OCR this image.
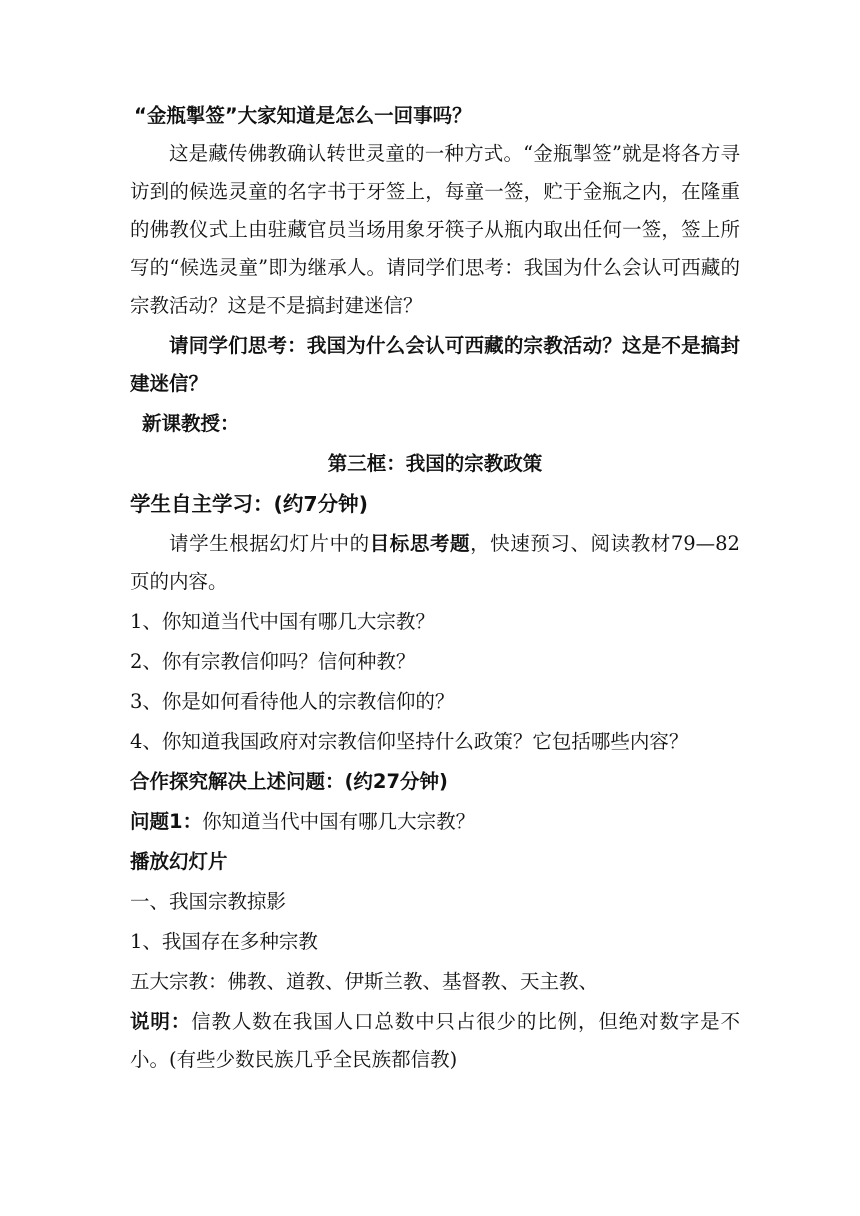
“金瓶掣签”大家知道是怎么一回事吗？
这是藏传佛教确认转世灵童的一种方式。“金瓶掣签”就是将各方寻访到的候选灵童的名字书于牙签上，每童一签，贮于金瓶之内，在隆重的佛教仪式上由驻藏官员当场用象牙筷子从瓶内取出任何一签，签上所写的“候选灵童”即为继承人。请同学们思考：我国为什么会认可西藏的宗教活动？这是不是搞封建迷信？
请同学们思考：我国为什么会认可西藏的宗教活动？这是不是搞封建迷信？
新课教授：
第三框：我国的宗教政策
学生自主学习：(约7分钟)
请学生根据幻灯片中的目标思考题，快速预习、阅读教材79—82页的内容。
1、你知道当代中国有哪几大宗教？
2、你有宗教信仰吗？信何种教？
3、你是如何看待他人的宗教信仰的？
4、你知道我国政府对宗教信仰坚持什么政策？它包括哪些内容？
合作探究解决上述问题：(约27分钟)
问题1：你知道当代中国有哪几大宗教？
播放幻灯片
一、我国宗教掠影
1、我国存在多种宗教
五大宗教：佛教、道教、伊斯兰教、基督教、天主教、
说明：信教人数在我国人口总数中只占很少的比例，但绝对数字是不小。(有些少数民族几乎全民族都信教)
